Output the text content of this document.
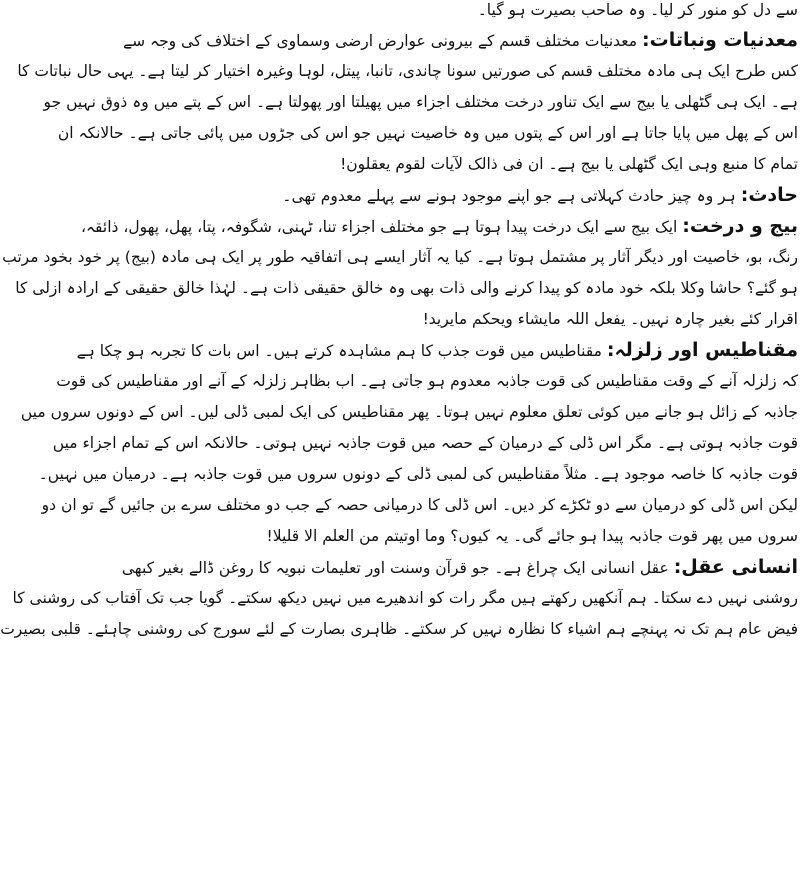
سے دل کو منور کر لیا۔ وہ صاحب بصیرت ہو گیا۔
معدنیات ونباتات: معدنیات مختلف قسم کے بیرونی عوارض ارضی وسماوی کے اختلاف کی وجہ سے
کس طرح ایک ہی مادہ مختلف قسم کی صورتیں سونا چاندی، تانبا، پیتل، لوہا وغیرہ اختیار کر لیتا ہے۔ یہی حال نباتات کا
ہے۔ ایک ہی گٹھلی یا بیج سے ایک تناور درخت مختلف اجزاء میں پھیلتا اور پھولتا ہے۔ اس کے پتے میں وہ ذوق نہیں جو
اس کے پھل میں پایا جاتا ہے اور اس کے پتوں میں وہ خاصیت نہیں جو اس کی جڑوں میں پائی جاتی ہے۔ حالانکہ ان
تمام کا منبع وہی ایک گٹھلی یا بیج ہے۔ ان فی ذالک لآیات لقوم یعقلون!
حادث: ہر وہ چیز حادث کہلاتی ہے جو اپنے موجود ہونے سے پہلے معدوم تھی۔
بیج و درخت: ایک بیج سے ایک درخت پیدا ہوتا ہے جو مختلف اجزاء تنا، ٹہنی، شگوفہ، پتا، پھل، پھول، ذائقہ،
رنگ، بو، خاصیت اور دیگر آثار پر مشتمل ہوتا ہے۔ کیا یہ آثار ایسے ہی اتفاقیہ طور پر ایک ہی مادہ (بیج) پر خود بخود مرتب
ہو گئے؟ حاشا وکلا بلکہ خود مادہ کو پیدا کرنے والی ذات بھی وہ خالق حقیقی ذات ہے۔ لہٰذا خالق حقیقی کے ارادہ ازلی کا
اقرار کئے بغیر چارہ نہیں۔ یفعل اللہ مایشاء ویحکم مایرید!
مقناطیس اور زلزلہ: مقناطیس میں قوت جذب کا ہم مشاہدہ کرتے ہیں۔ اس بات کا تجربہ ہو چکا ہے
کہ زلزلہ آنے کے وقت مقناطیس کی قوت جاذبہ معدوم ہو جاتی ہے۔ اب بظاہر زلزلہ کے آنے اور مقناطیس کی قوت
جاذبہ کے زائل ہو جانے میں کوئی تعلق معلوم نہیں ہوتا۔ پھر مقناطیس کی ایک لمبی ڈلی لیں۔ اس کے دونوں سروں میں
قوت جاذبہ ہوتی ہے۔ مگر اس ڈلی کے درمیان کے حصہ میں قوت جاذبہ نہیں ہوتی۔ حالانکہ اس کے تمام اجزاء میں
قوت جاذبہ کا خاصہ موجود ہے۔ مثلاً مقناطیس کی لمبی ڈلی کے دونوں سروں میں قوت جاذبہ ہے۔ درمیان میں نہیں۔
لیکن اس ڈلی کو درمیان سے دو ٹکڑے کر دیں۔ اس ڈلی کا درمیانی حصہ کے جب دو مختلف سرے بن جائیں گے تو ان دو
سروں میں پھر قوت جاذبہ پیدا ہو جائے گی۔ یہ کیوں؟ وما اوتیتم من العلم الا قلیلا!
انسانی عقل: عقل انسانی ایک چراغ ہے۔ جو قرآن وسنت اور تعلیمات نبویہ کا روغن ڈالے بغیر کبھی
روشنی نہیں دے سکتا۔ ہم آنکھیں رکھتے ہیں مگر رات کو اندھیرے میں نہیں دیکھ سکتے۔ گویا جب تک آفتاب کی روشنی کا
فیض عام ہم تک نہ پہنچے ہم اشیاء کا نظارہ نہیں کر سکتے۔ ظاہری بصارت کے لئے سورج کی روشنی چاہئے۔ قلبی بصیرت
